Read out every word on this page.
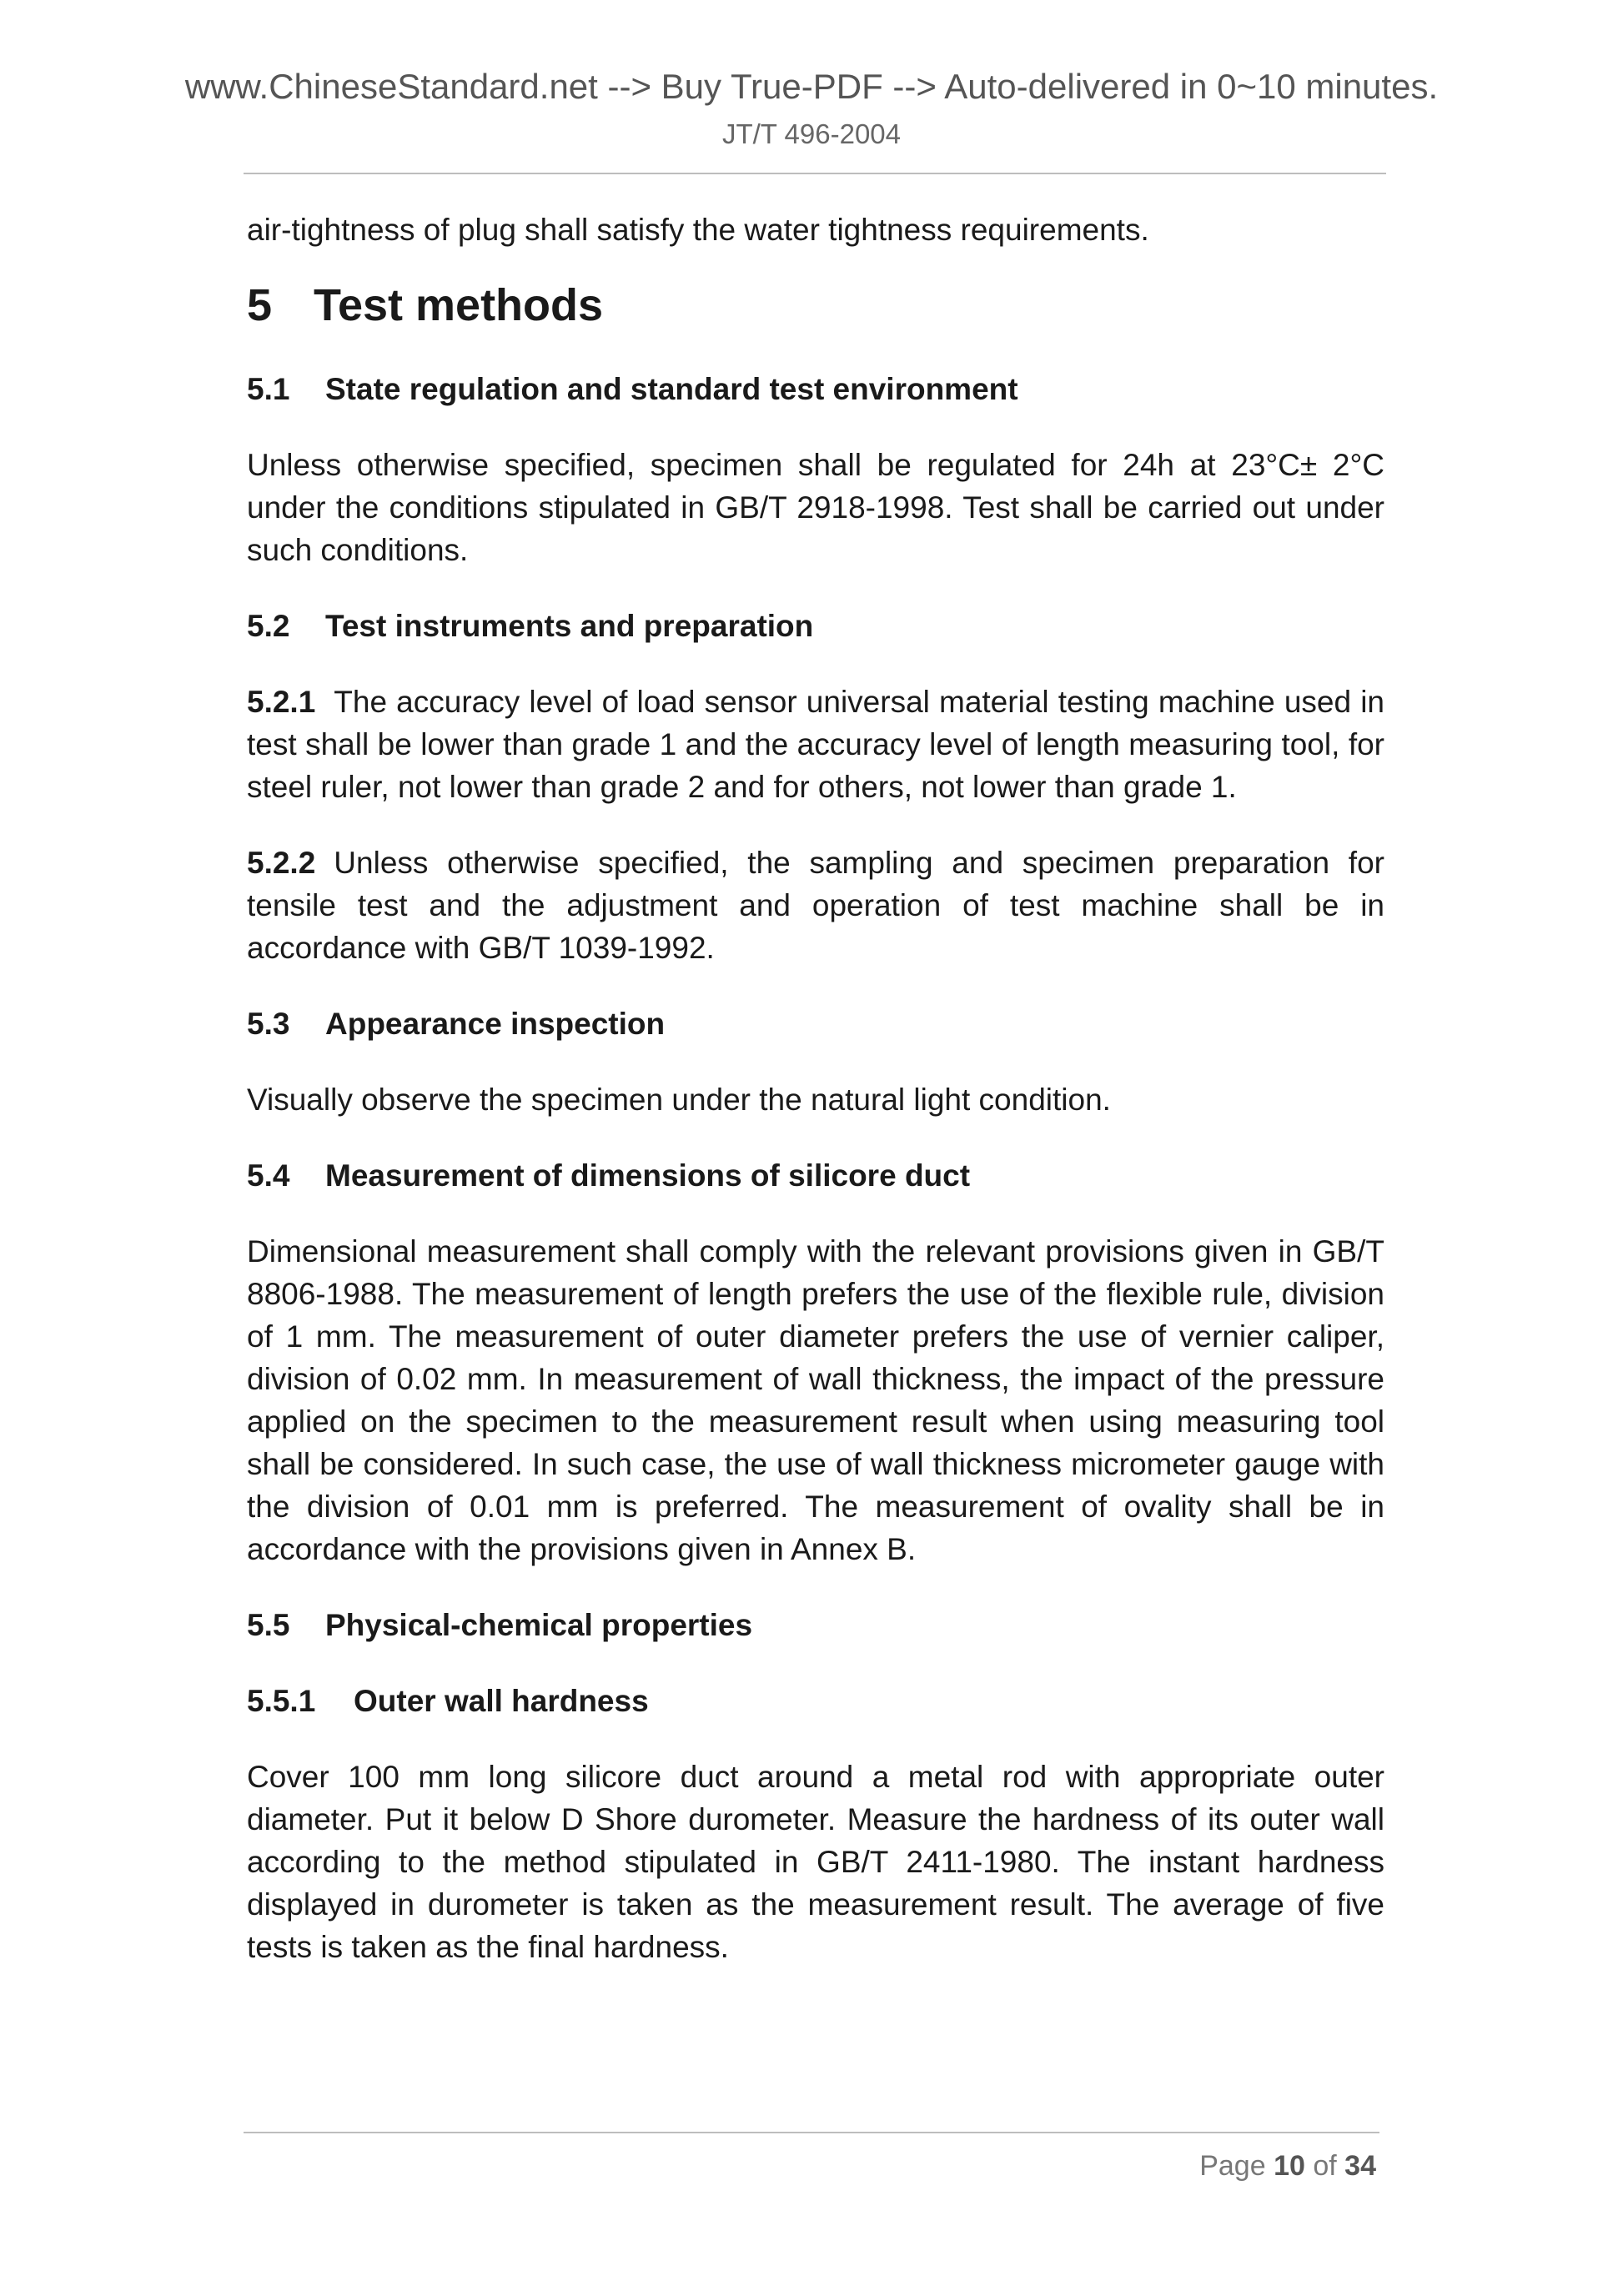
www.ChineseStandard.net --> Buy True-PDF --> Auto-delivered in 0~10 minutes.
JT/T 496-2004

air-tightness of plug shall satisfy the water tightness requirements.

5 Test methods
5.1 State regulation and standard test environment

Unless otherwise specified, specimen shall be regulated for 24h at 23°C± 2°C under the conditions stipulated in GB/T 2918-1998. Test shall be carried out under such conditions.

5.2 Test instruments and preparation

5.2.1 The accuracy level of load sensor universal material testing machine used in test shall be lower than grade 1 and the accuracy level of length measuring tool, for steel ruler, not lower than grade 2 and for others, not lower than grade 1.

5.2.2 Unless otherwise specified, the sampling and specimen preparation for tensile test and the adjustment and operation of test machine shall be in accordance with GB/T 1039-1992.

5.3 Appearance inspection

Visually observe the specimen under the natural light condition.

5.4 Measurement of dimensions of silicore duct

Dimensional measurement shall comply with the relevant provisions given in GB/T 8806-1988. The measurement of length prefers the use of the flexible rule, division of 1 mm. The measurement of outer diameter prefers the use of vernier caliper, division of 0.02 mm. In measurement of wall thickness, the impact of the pressure applied on the specimen to the measurement result when using measuring tool shall be considered. In such case, the use of wall thickness micrometer gauge with the division of 0.01 mm is preferred. The measurement of ovality shall be in accordance with the provisions given in Annex B.

5.5 Physical-chemical properties
5.5.1 Outer wall hardness

Cover 100 mm long silicore duct around a metal rod with appropriate outer diameter. Put it below D Shore durometer. Measure the hardness of its outer wall according to the method stipulated in GB/T 2411-1980. The instant hardness displayed in durometer is taken as the measurement result. The average of five tests is taken as the final hardness.

Page 10 of 34
